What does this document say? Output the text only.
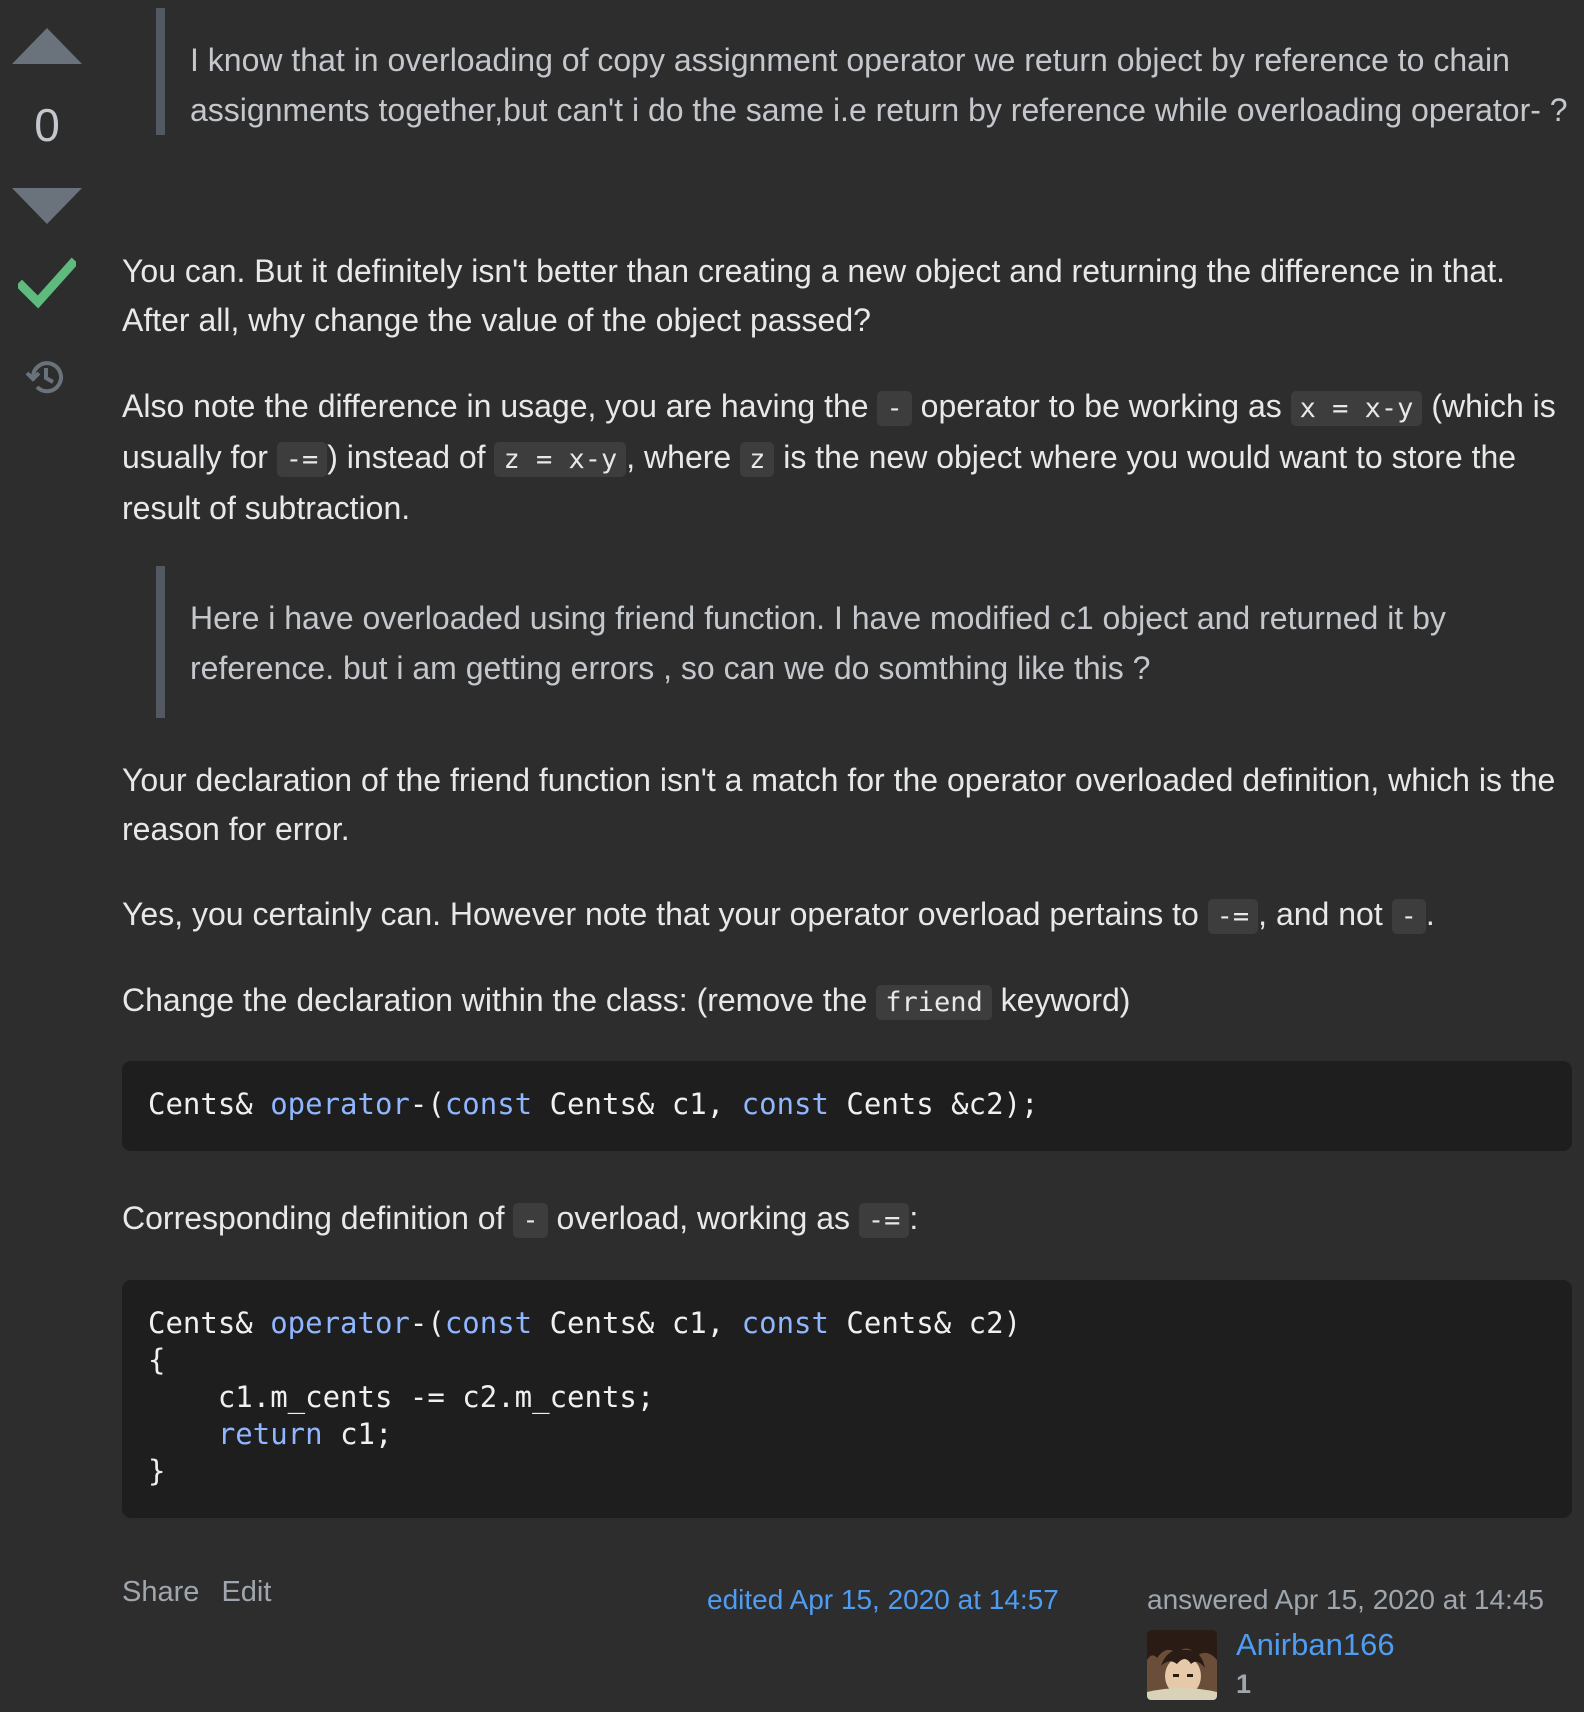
0

I know that in overloading of copy assignment operator we return object by reference to chain assignments together,but can't i do the same i.e return by reference while overloading operator- ?

You can. But it definitely isn't better than creating a new object and returning the difference in that. After all, why change the value of the object passed?

Also note the difference in usage, you are having the - operator to be working as x = x-y (which is usually for -= ) instead of z = x-y , where z is the new object where you would want to store the result of subtraction.

Here i have overloaded using friend function. I have modified c1 object and returned it by reference. but i am getting errors , so can we do somthing like this ?

Your declaration of the friend function isn't a match for the operator overloaded definition, which is the reason for error.

Yes, you certainly can. However note that your operator overload pertains to -= , and not - .

Change the declaration within the class: (remove the friend keyword)

Cents& operator-(const Cents& c1, const Cents &c2);

Corresponding definition of - overload, working as -= :

Cents& operator-(const Cents& c1, const Cents& c2)
{
c1.m_cents -= c2.m_cents;
return c1;
}
Share Edit	edited Apr 15, 2020 at 14:57	answered Apr 15, 2020 at 14:45
Anirban166
1
